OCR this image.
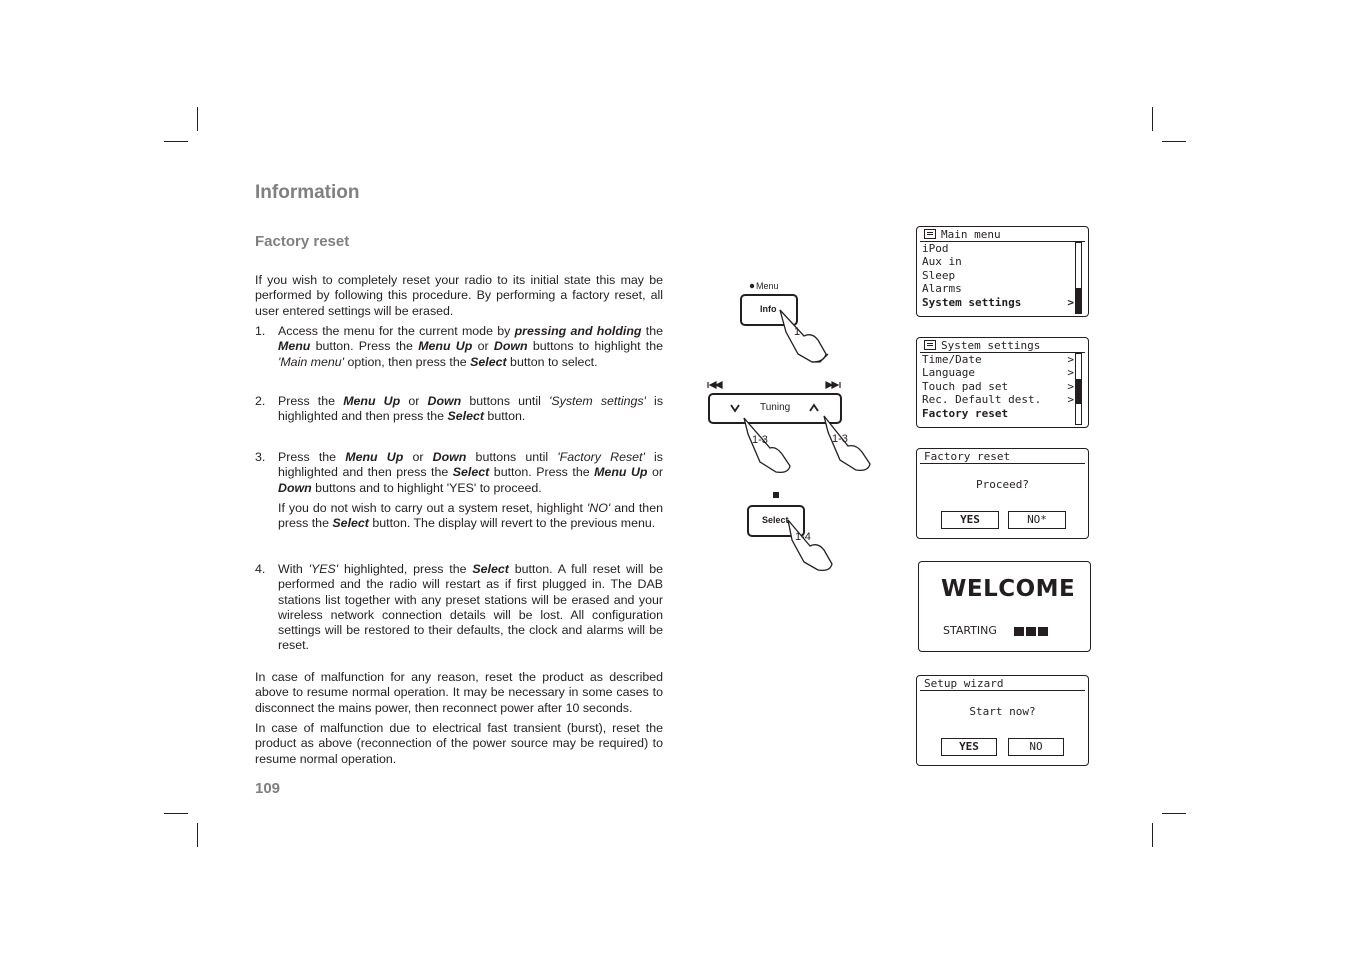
Information
Factory reset

If you wish to completely reset your radio to its initial state this may be performed by following this procedure. By performing a factory reset, all user entered settings will be erased.

1. Access the menu for the current mode by pressing and holding the Menu button. Press the Menu Up or Down buttons to highlight the 'Main menu' option, then press the Select button to select.

2. Press the Menu Up or Down buttons until 'System settings' is highlighted and then press the Select button.

3. Press the Menu Up or Down buttons until 'Factory Reset' is highlighted and then press the Select button. Press the Menu Up or Down buttons and to highlight 'YES' to proceed.

If you do not wish to carry out a system reset, highlight 'NO' and then press the Select button. The display will revert to the previous menu.

4. With 'YES' highlighted, press the Select button. A full reset will be performed and the radio will restart as if first plugged in. The DAB stations list together with any preset stations will be erased and your wireless network connection details will be lost. All configuration settings will be restored to their defaults, the clock and alarms will be reset.

In case of malfunction for any reason, reset the product as described above to resume normal operation. It may be necessary in some cases to disconnect the mains power, then reconnect power after 10 seconds.

In case of malfunction due to electrical fast transient (burst), reset the product as above (reconnection of the power source may be required) to resume normal operation.

109
Menu
Info
1
Tuning
1-3	1-3
Select
1-4
Main menu
iPod
Aux in
Sleep
Alarms
System settings	>
System settings
Time/Date	>
Language	>
Touch pad set	>
Rec. Default dest. >
Factory reset
Factory reset
Proceed?
YES	NO*
WELCOME
STARTING
Setup wizard
Start now?
YES	NO
